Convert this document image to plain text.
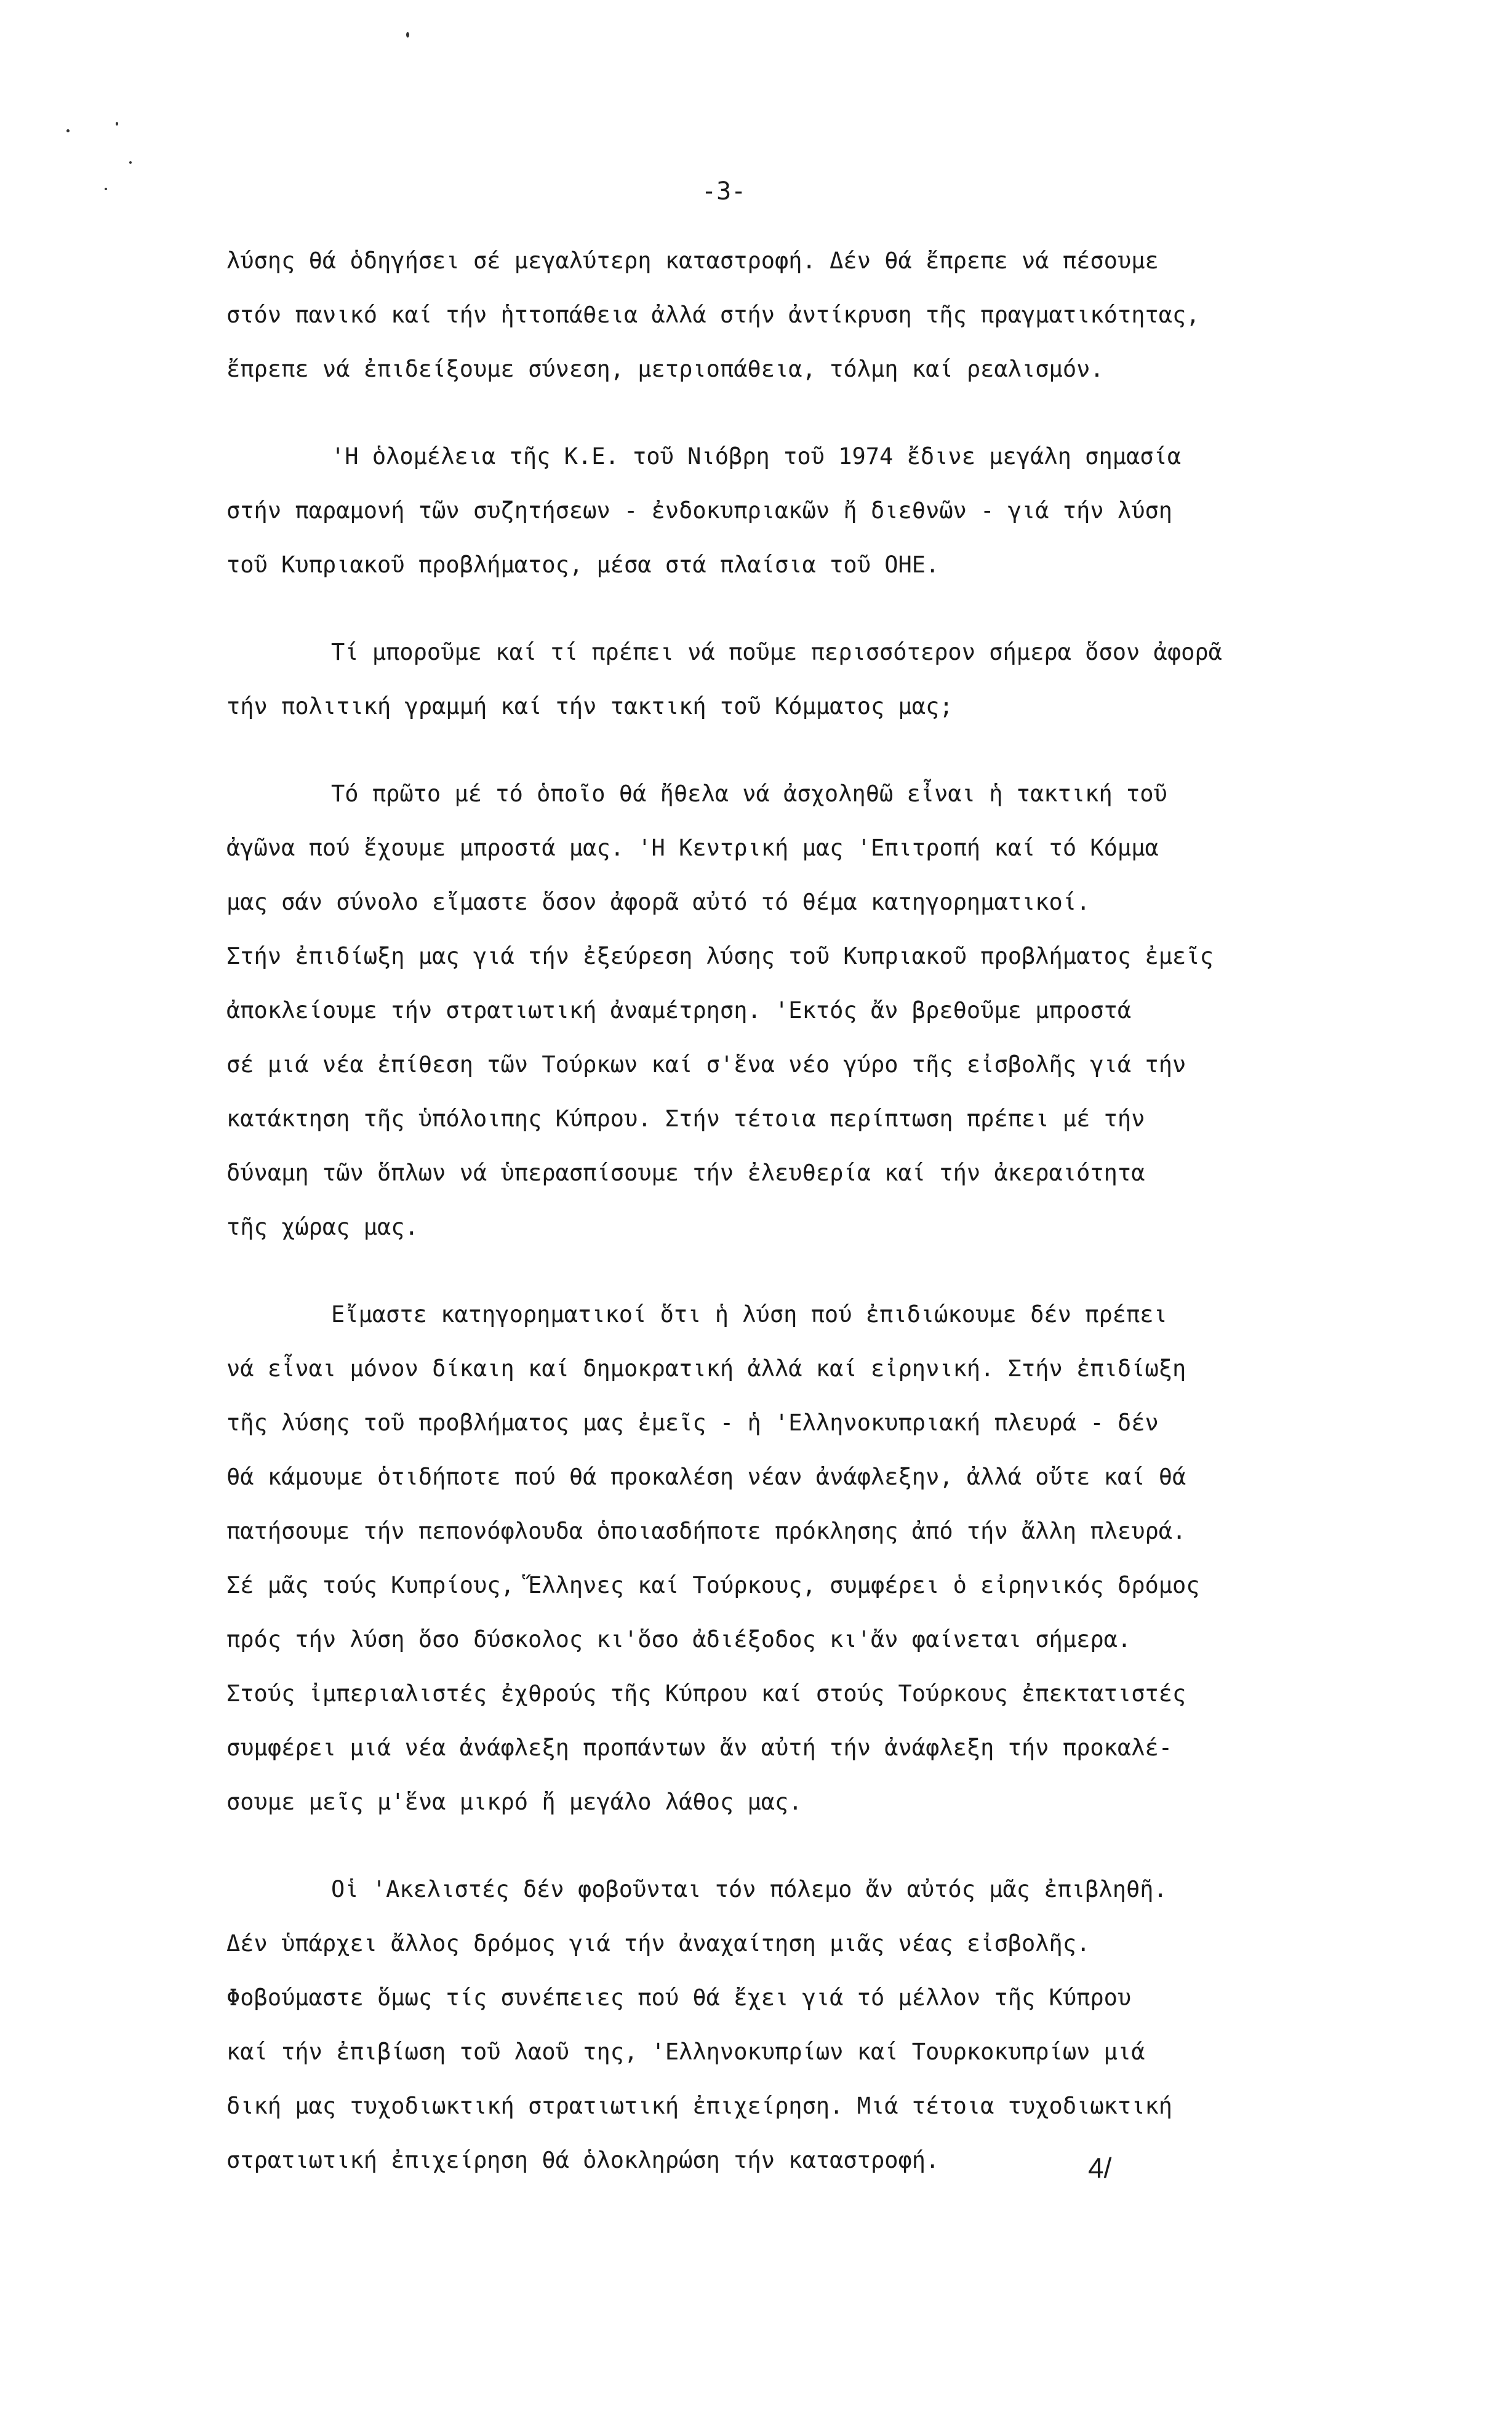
-3-
λύσης θά ὁδηγήσει σέ μεγαλύτερη καταστροφή. Δέν θά ἔπρεπε νά πέσουμε
στόν πανικό καί τήν ἡττοπάθεια ἀλλά στήν ἀντίκρυση τῆς πραγματικότητας,
ἔπρεπε νά ἐπιδείξουμε σύνεση, μετριοπάθεια, τόλμη καί ρεαλισμόν.
'Η ὁλομέλεια τῆς Κ.Ε. τοῦ Νιόβρη τοῦ 1974 ἔδινε μεγάλη σημασία
στήν παραμονή τῶν συζητήσεων - ἐνδοκυπριακῶν ἤ διεθνῶν - γιά τήν λύση
τοῦ Κυπριακοῦ προβλήματος, μέσα στά πλαίσια τοῦ ΟΗΕ.
Τί μποροῦμε καί τί πρέπει νά ποῦμε περισσότερον σήμερα ὅσον ἀφορᾶ
τήν πολιτική γραμμή καί τήν τακτική τοῦ Κόμματος μας;
Τό πρῶτο μέ τό ὁποῖο θά ἤθελα νά ἀσχοληθῶ εἶναι ἡ τακτική τοῦ
ἀγῶνα πού ἔχουμε μπροστά μας. 'Η Κεντρική μας 'Επιτροπή καί τό Κόμμα
μας σάν σύνολο εἴμαστε ὅσον ἀφορᾶ αὐτό τό θέμα κατηγορηματικοί.
Στήν ἐπιδίωξη μας γιά τήν ἐξεύρεση λύσης τοῦ Κυπριακοῦ προβλήματος ἐμεῖς
ἀποκλείουμε τήν στρατιωτική ἀναμέτρηση. 'Εκτός ἄν βρεθοῦμε μπροστά
σέ μιά νέα ἐπίθεση τῶν Τούρκων καί σ'ἕνα νέο γύρο τῆς εἰσβολῆς γιά τήν
κατάκτηση τῆς ὑπόλοιπης Κύπρου. Στήν τέτοια περίπτωση πρέπει μέ τήν
δύναμη τῶν ὅπλων νά ὑπερασπίσουμε τήν ἐλευθερία καί τήν ἀκεραιότητα
τῆς χώρας μας.
Εἴμαστε κατηγορηματικοί ὅτι ἡ λύση πού ἐπιδιώκουμε δέν πρέπει
νά εἶναι μόνον δίκαιη καί δημοκρατική ἀλλά καί εἰρηνική. Στήν ἐπιδίωξη
τῆς λύσης τοῦ προβλήματος μας ἐμεῖς - ἡ 'Ελληνοκυπριακή πλευρά - δέν
θά κάμουμε ὁτιδήποτε πού θά προκαλέση νέαν ἀνάφλεξην, ἀλλά οὔτε καί θά
πατήσουμε τήν πεπονόφλουδα ὁποιασδήποτε πρόκλησης ἀπό τήν ἄλλη πλευρά.
Σέ μᾶς τούς Κυπρίους, Ἕλληνες καί Τούρκους, συμφέρει ὁ εἰρηνικός δρόμος
πρός τήν λύση ὅσο δύσκολος κι'ὅσο ἀδιέξοδος κι'ἄν φαίνεται σήμερα.
Στούς ἰμπεριαλιστές ἐχθρούς τῆς Κύπρου καί στούς Τούρκους ἐπεκτατιστές
συμφέρει μιά νέα ἀνάφλεξη προπάντων ἄν αὐτή τήν ἀνάφλεξη τήν προκαλέ-
σουμε μεῖς μ'ἕνα μικρό ἤ μεγάλο λάθος μας.
Οἱ 'Ακελιστές δέν φοβοῦνται τόν πόλεμο ἄν αὐτός μᾶς ἐπιβληθῆ.
Δέν ὑπάρχει ἄλλος δρόμος γιά τήν ἀναχαίτηση μιᾶς νέας εἰσβολῆς.
Φοβούμαστε ὅμως τίς συνέπειες πού θά ἔχει γιά τό μέλλον τῆς Κύπρου
καί τήν ἐπιβίωση τοῦ λαοῦ της, 'Ελληνοκυπρίων καί Τουρκοκυπρίων μιά
δική μας τυχοδιωκτική στρατιωτική ἐπιχείρηση. Μιά τέτοια τυχοδιωκτική
στρατιωτική ἐπιχείρηση θά ὁλοκληρώση τήν καταστροφή.	4/
